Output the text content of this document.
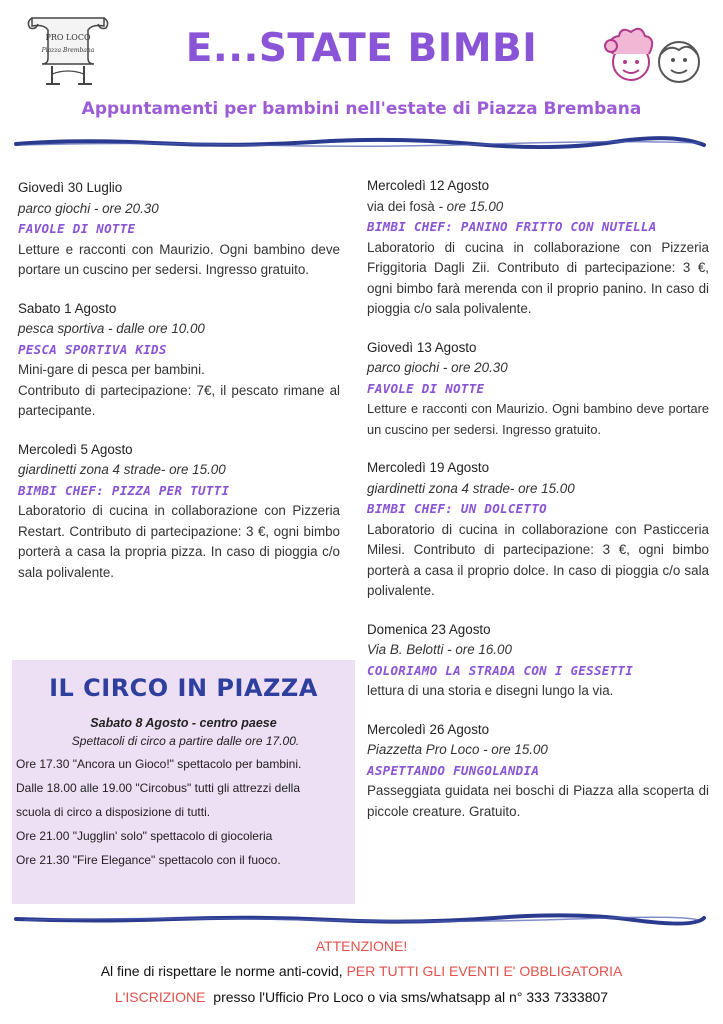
PRO LOCO
Piazza Brembana	E...STATE BIMBI
Appuntamenti per bambini nell'estate di Piazza Brembana
Giovedì 30 Luglio
parco giochi - ore 20.30
FAVOLE DI NOTTE
Letture e racconti con Maurizio. Ogni bambino deve portare un cuscino per sedersi. Ingresso gratuito.
Sabato 1 Agosto
pesca sportiva - dalle ore 10.00
PESCA SPORTIVA KIDS
Mini-gare di pesca per bambini.
Contributo di partecipazione: 7€, il pescato rimane al partecipante.
Mercoledì 5 Agosto
giardinetti zona 4 strade- ore 15.00
BIMBI CHEF: PIZZA PER TUTTI
Laboratorio di cucina in collaborazione con Pizzeria Restart. Contributo di partecipazione: 3 €, ogni bimbo porterà a casa la propria pizza. In caso di pioggia c/o sala polivalente.
Mercoledì 12 Agosto
via dei fosà - ore 15.00
BIMBI CHEF: PANINO FRITTO CON NUTELLA
Laboratorio di cucina in collaborazione con Pizzeria Friggitoria Dagli Zii. Contributo di partecipazione: 3 €, ogni bimbo farà merenda con il proprio panino. In caso di pioggia c/o sala polivalente.
Giovedì 13 Agosto
parco giochi - ore 20.30
FAVOLE DI NOTTE
Letture e racconti con Maurizio. Ogni bambino deve portare un cuscino per sedersi. Ingresso gratuito.
Mercoledì 19 Agosto
giardinetti zona 4 strade- ore 15.00
BIMBI CHEF: UN DOLCETTO
Laboratorio di cucina in collaborazione con Pasticceria Milesi. Contributo di partecipazione: 3 €, ogni bimbo porterà a casa il proprio dolce. In caso di pioggia c/o sala polivalente.
Domenica 23 Agosto
Via B. Belotti - ore 16.00
COLORIAMO LA STRADA CON I GESSETTI
lettura di una storia e disegni lungo la via.
Mercoledì 26 Agosto
Piazzetta Pro Loco - ore 15.00
ASPETTANDO FUNGOLANDIA
Passeggiata guidata nei boschi di Piazza alla scoperta di piccole creature. Gratuito.
IL CIRCO IN PIAZZA
Sabato 8 Agosto - centro paese
Spettacoli di circo a partire dalle ore 17.00.
Ore 17.30 "Ancora un Gioco!" spettacolo per bambini.
Dalle 18.00 alle 19.00 "Circobus" tutti gli attrezzi della
scuola di circo a disposizione di tutti.
Ore 21.00 "Jugglin' solo" spettacolo di giocoleria
Ore 21.30 "Fire Elegance" spettacolo con il fuoco.
ATTENZIONE!
Al fine di rispettare le norme anti-covid, PER TUTTI GLI EVENTI E' OBBLIGATORIA
L'ISCRIZIONE  presso l'Ufficio Pro Loco o via sms/whatsapp al n° 333 7333807
